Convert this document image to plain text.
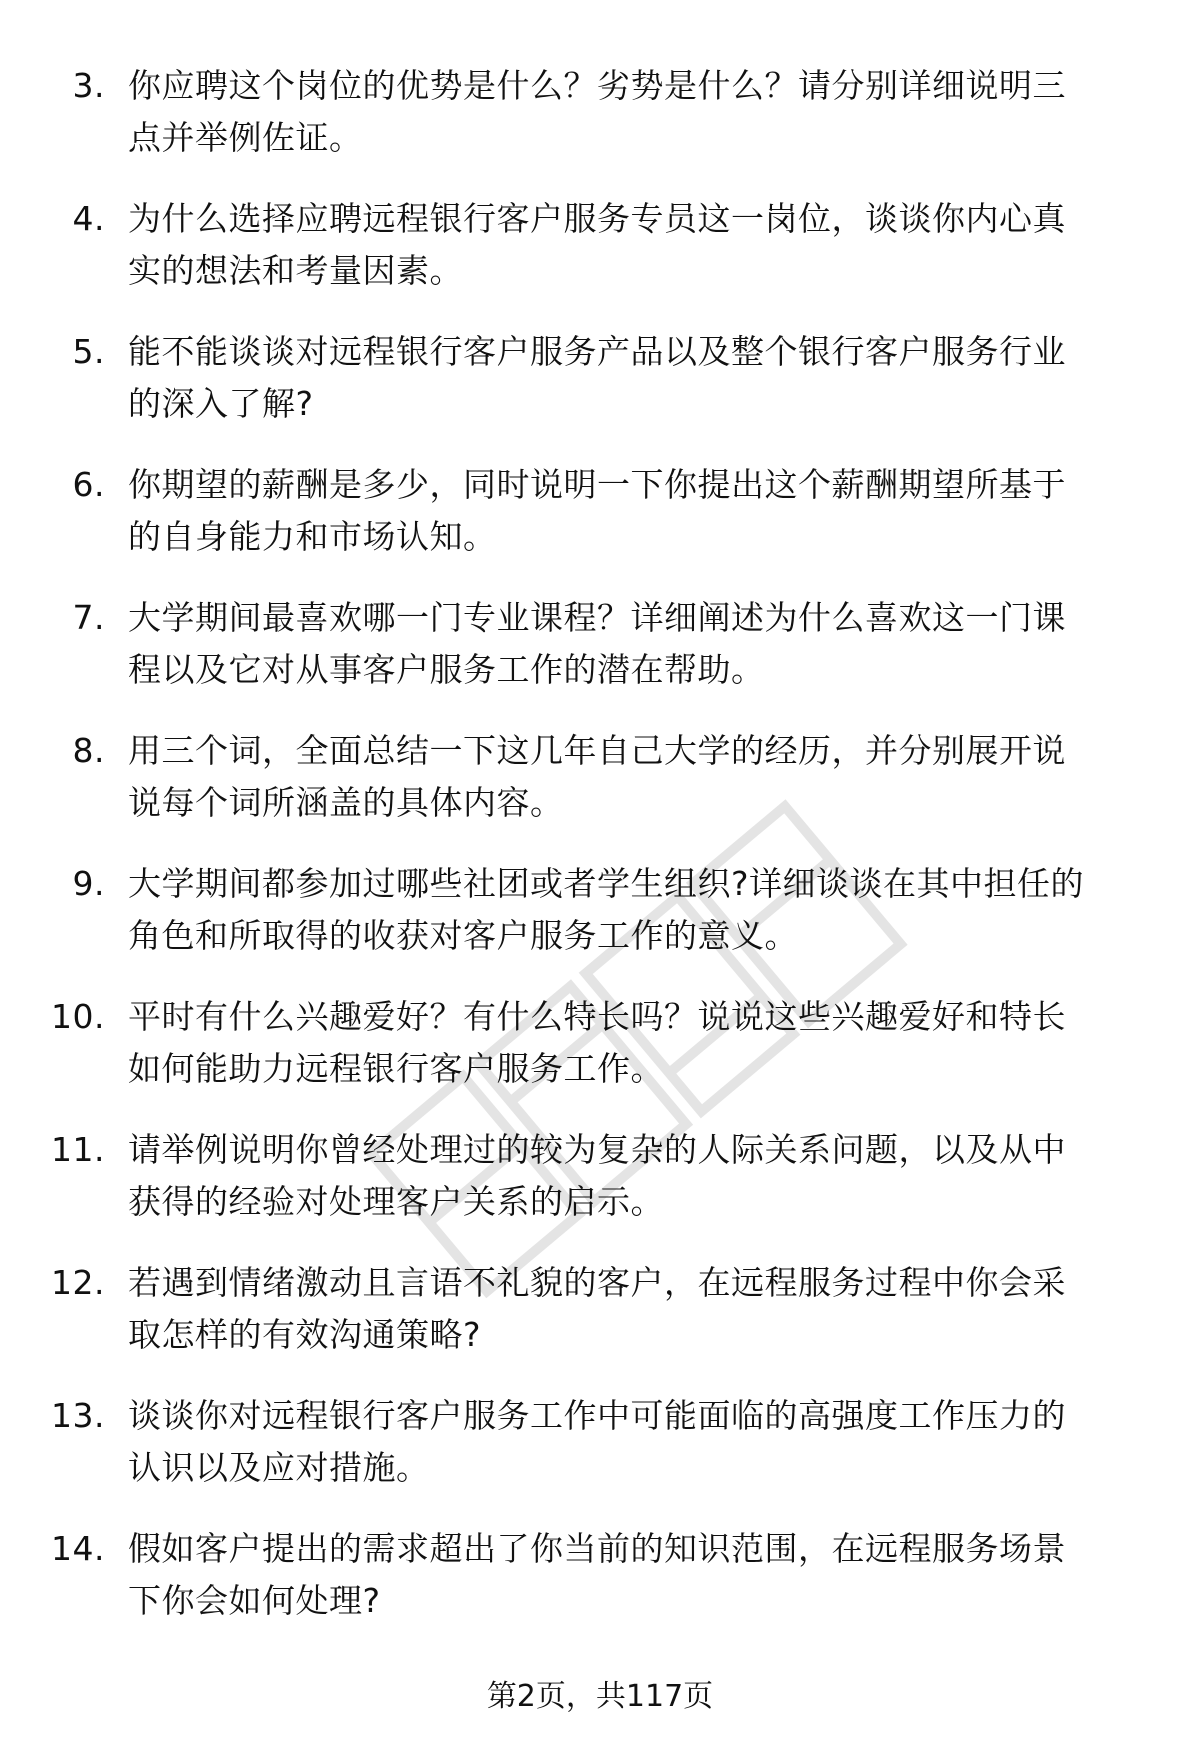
3. 你应聘这个岗位的优势是什么？劣势是什么？请分别详细说明三点并举例佐证。
4. 为什么选择应聘远程银行客户服务专员这一岗位，谈谈你内心真实的想法和考量因素。
5. 能不能谈谈对远程银行客户服务产品以及整个银行客户服务行业的深入了解?
6. 你期望的薪酬是多少，同时说明一下你提出这个薪酬期望所基于的自身能力和市场认知。
7. 大学期间最喜欢哪一门专业课程？详细阐述为什么喜欢这一门课程以及它对从事客户服务工作的潜在帮助。
8. 用三个词，全面总结一下这几年自己大学的经历，并分别展开说说每个词所涵盖的具体内容。
9. 大学期间都参加过哪些社团或者学生组织?详细谈谈在其中担任的角色和所取得的收获对客户服务工作的意义。
10. 平时有什么兴趣爱好？有什么特长吗？说说这些兴趣爱好和特长如何能助力远程银行客户服务工作。
11. 请举例说明你曾经处理过的较为复杂的人际关系问题，以及从中获得的经验对处理客户关系的启示。
12. 若遇到情绪激动且言语不礼貌的客户，在远程服务过程中你会采取怎样的有效沟通策略?
13. 谈谈你对远程银行客户服务工作中可能面临的高强度工作压力的认识以及应对措施。
14. 假如客户提出的需求超出了你当前的知识范围，在远程服务场景下你会如何处理?
第2页，共117页
